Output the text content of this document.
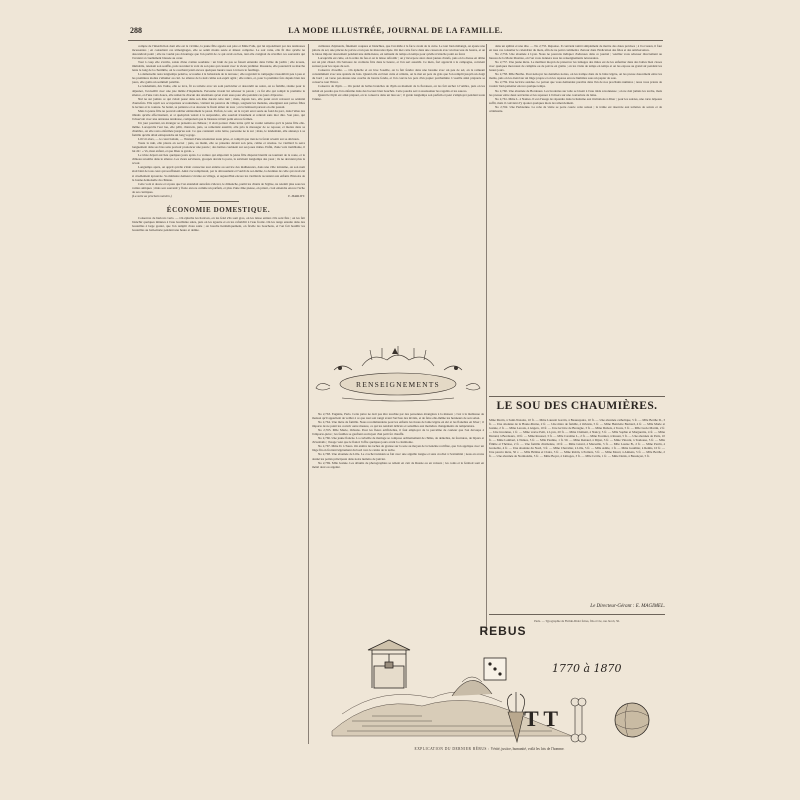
288	LA MODE ILLUSTRÉE, JOURNAL DE LA FAMILLE.

compte de l'interdiction dont elle est la victime, la jeune fille appela son père et Mme Falk, qui lui répondirent par des tendresses incessantes ; en consultant ces témoignages, elle se sentit moins seule et mieux comprise. Le soir venu, elle fit dire qu'elle ne descendrait point ; elle ne voulut pas davantage que l'on parlât de ce qui avait eu lieu, tant elle craignait de réveiller ces souvenirs qui l'avaient si cruellement blessée au cœur.

Tout à coup elle s'arrêta, saisie d'une crainte soudaine : un bruit de pas se faisait entendre dans l'allée du jardin ; elle écouta, immobile, retenant son souffle, puis reconnut la voix de son père qui causait avec le vieux jardinier. Rassurée, elle poursuivit sa marche lente le long de la charmille, où le couchant jetait encore quelques lueurs roses à travers le feuillage.

La demoiselle resta longtemps pensive, accoudée à la balustrade de la terrasse ; elle regardait la campagne s'assombrir peu à peu et les premières étoiles s'allumer au ciel. Le silence de la nuit calma son esprit agité ; elle rentra, et, pour la première fois depuis bien des jours, elle goûta un sommeil paisible.

Le lendemain, dès l'aube, elle se leva, fit sa toilette avec un soin particulier et descendit au salon, où sa famille, réunie pour le déjeuner, l'accueillit avec une joie mêlée d'inquiétude. Personne n'osait lui adresser la parole ; ce fut elle qui rompit la première le silence, et d'une voix douce, elle remercia chacun des attentions qu'on avait eues pour elle pendant ces jours d'épreuve.

Nul ne sut jamais ce qui s'était passé dans son âme durant cette nuit ; mais, depuis lors, elle parut avoir retrouvé sa sérénité d'autrefois. Elle reprit ses occupations accoutumées, visitant les pauvres du village, soignant les malades, enseignant aux petites filles la lecture et la couture. Sa bonté, sa patience et sa douceur la firent aimer de tous ; on la bénissait partout où elle passait.

Mais la jeune fille ne pouvait oublier entièrement le passé. Parfois, le soir, on la voyait errer seule au fond du parc, dans l'allée des tilleuls qu'elle affectionnait, et si quelqu'un venait à la surprendre, elle souriait tristement et rentrait sans mot dire. Son père, qui l'observait avec une anxieuse tendresse, comprenait que la blessure n'était point encore fermée.

Un jour pourtant, un étranger se présenta au château ; il était porteur d'une lettre qu'il ne voulut remettre qu'à la jeune fille elle-même. Lorsqu'elle l'eut lue, elle pâlit, chancela, puis, se remettant aussitôt, elle pria le messager de se reposer, et monta dans sa chambre, où elle resta enfermée jusqu'au soir. Ce que contenait cette lettre, personne ne le sut ; mais, le lendemain, elle annonça à sa famille qu'elle allait entreprendre un long voyage.

Lili vit alors, — le cœur battant, — l'instant d'une résolution toute prise, et comprit que rien ne la ferait revenir sur sa décision.

Toute la nuit, elle pleura en secret ; puis, au matin, elle se présenta devant son père, calme et résolue. Le vieillard la serra longuement dans ses bras sans pouvoir prononcer une parole ; des larmes coulaient sur ses joues ridées. Enfin, d'une voix tremblante, il lui dit : « Va, mon enfant, et que Dieu te garde. »

Le triste départ eut lieu quelques jours après. La voiture qui emportait la jeune fille disparut bientôt au tournant de la route, et le château retomba dans le silence. Les vieux serviteurs, groupés devant la porte, la suivirent longtemps des yeux ; ils ne devaient plus la revoir.

Longtemps après, on apprit qu'elle s'était consacrée tout entière au service des malheureux, dans une ville lointaine, où son nom était béni de tous ceux qui souffraient. Ainsi s'accomplissait, par le dévouement et l'oubli de soi-même, la destinée de celle qui avait été si cruellement éprouvée. Sa mémoire demeura vivante au village, et aujourd'hui encore les vieillards racontent aux enfants l'histoire de la bonne demoiselle du château.

Cette voix si douce et si pure que l'on entendait autrefois s'élever, le dimanche, parmi les chants de l'église, ne retentit plus sous les voûtes antiques ; mais son souvenir y flotte encore comme un parfum, et plus d'une âme pieuse, en priant, croit entendre encore l'écho de ses cantiques.

(La suite au prochain numéro.)	E. MARLITT.
ÉCONOMIE DOMESTIQUE.

Conserves de haricots verts. — On épluche les haricots, on les fend s'ils sont gros, on les laisse entiers s'ils sont fins ; on les fait blanchir quelques minutes à l'eau bouillante salée, puis on les égoutte et on les rafraîchit à l'eau froide. On les range ensuite dans des bouteilles à large goulot, que l'on remplit d'eau salée ; on bouche hermétiquement, on ficelle les bouchons, et l'on fait bouillir les bouteilles au bain-marie pendant une heure et demie.

cuillerées d'épinards, finement coupées et blanchies, que l'on mêle à la farce avant de la cuire. Le tout bien mélangé, on ajoute une pincée de sel, une pincée de poivre et un peu de muscade râpée. On met cette farce dans une casserole avec un morceau de beurre, et on la laisse mijoter doucement pendant une demi-heure, en remuant de temps en temps pour qu'elle n'attache point au fond.

Lorsqu'elle est cuite, on la retire du feu et on la laisse refroidir ; on y incorpore alors deux jaunes d'œufs, puis on la dresse en dôme sur un plat chaud. On l'entoure de croûtons frits dans le beurre, et l'on sert aussitôt. Ce mets, fort apprécié à la campagne, convient surtout pour les repas du soir.

Conserve d'oseille. — On épluche et on lave l'oseille, on la fait fondre dans une bassine avec un peu de sel, en la remuant constamment avec une spatule de bois. Quand elle est bien cuite et réduite, on la met en pots de grès que l'on remplit jusqu'à un doigt du bord ; on verse par-dessus une couche de beurre fondu, et l'on couvre les pots d'un papier parcheminé. L'oseille ainsi préparée se conserve tout l'hiver.

Conserve de thym. — On prend de belles branches de thym au moment de la floraison, on les fait sécher à l'ombre, puis on les réduit en poudre que l'on enferme dans des bocaux bien bouchés. Cette poudre sert à assaisonner les ragoûts et les sauces.

Quand le thym est ainsi préparé, on le conserve dans un lieu sec ; il garde longtemps son parfum et peut s'employer pendant toute l'année.

RENSEIGNEMENTS

No 2,763. Eugénie, Paris. Cette pièce ne doit pas être touchée par des personnes étrangères à la maison ; c'est à la maîtresse de maison qu'il appartient de veiller à ce que tout soit rangé avant l'arrivée des invités, et de faire elle-même les honneurs de son salon.

No 2,764. Une mère de famille. Nous recommandons pour les enfants les tissus de laine légère en été et les flanelles en hiver ; il importe de ne point les couvrir outre mesure, ce qui les rendrait délicats et sensibles aux moindres changements de température.

No 2,765. Mlle Marie, Orléans. Pour les fleurs artificielles, il faut employer de la percaline de couleur que l'on découpe à l'emporte-pièce ; les feuilles se gaufrent au moyen d'un petit fer chauffé.

No 2,766. Une jeune fiancée. La corbeille de mariage se compose ordinairement de châles, de dentelles, de fourrures, de bijoux et d'éventails ; l'usage veut que le fiancé l'offre quelques jours avant la cérémonie.

No 2,767. Mme D. à Tours. On enlève les taches de graisse sur la soie au moyen de la benzine rectifiée, que l'on applique avec un linge fin en frottant légèrement du bord vers le centre de la tache.

No 2,768. Une abonnée de Lille. Le crochet tunisien se fait avec une aiguille longue et sans crochet à l'extrémité ; nous en avons donné les points principaux dans notre numéro de janvier.

No 2,769. Mlle Jeanne. Les albums de photographies se relient en cuir de Russie ou en velours ; les coins et le fermoir sont en métal doré ou argenté.

dans un sphinx et une tête. — No 2,755. Réponse. Il convient tantôt simplement de mettre des dates précises ; à l'occasion, il faut en tous cas consulter le calendrier du mois, afin de ne point commettre d'erreur dans l'indication des fêtes et des anniversaires.

No 2,756. Une abonnée à Lyon. Nous ne pouvons indiquer d'adresses dans ce journal ; veuillez vous adresser directement au bureau de la Mode illustrée, où l'on vous donnera tous les renseignements nécessaires.

No 2,757. Une jeune mère. Le meilleur moyen de préserver les lainages des mites est de les enfermer dans des boîtes bien closes avec quelques morceaux de camphre ou de poivre en grains ; on les visite de temps en temps et on les expose au grand air pendant les beaux jours.

No 2,758. Mlle Berthe. Pour nettoyer les dentelles noires, on les trempe dans de la bière légère, on les presse doucement entre les mains, puis on les étend sur un linge propre et on les repasse encore humides sous un papier de soie.

No 2,759. Une lectrice assidue. Le patron que vous demandez paraîtra dans l'un de nos prochains numéros ; nous vous prions de vouloir bien patienter encore quelque temps.

No 2,760. Une abonnée de Bordeaux. Les broderies sur toile se lavent à l'eau tiède savonneuse ; on ne doit jamais les tordre, mais les presser entre deux serviettes et les repasser à l'envers sur une couverture de laine.

No 2,761. Mme L. à Nantes. Il est d'usage de répondre dans la huitaine aux invitations à dîner ; pour les soirées, une carte déposée suffit, mais il convient d'y ajouter quelques mots de remerciement.

No 2,762. Une Parisienne. La robe de visite se porte courte cette saison ; la traîne est réservée aux toilettes de soirée et de cérémonie.

LE SOU DES CHAUMIÈRES.
Mme Morin, à Saint-Nazaire, 10 fr. — Mme Laurent Garcin, à Beaurepaire, 10 fr. — Une abonnée catholique, 5 fr. — Mlle Berthe D., 3 fr. — Une abonnée de la Haute-Marne, 2 fr. — Une mère de famille, à Orléans, 5 fr. — Mme Henriette Bernard, 4 fr. — Mlle Marie et Jeanne, 2 fr. — Mme Leroux, à Angers, 10 fr. — Une lectrice de Bretagne, 3 fr. — Mme Dubois, à Tours, 5 fr. — Mlle Lucie Martin, 2 fr. — Une inconnue, 1 fr. — Mme veuve Petit, à Lyon, 20 fr. — Mme Clément, à Nancy, 5 fr. — Mlle Sophie et Marguerite, 4 fr. — Mme Durand, à Bordeaux, 10 fr. — Mme Roussel, 3 fr. — Mlle Caroline L., 2 fr. — Mme Fournier, à Rouen, 5 fr. — Une abonnée de Paris, 10 fr. — Mme Lambert, à Nantes, 5 fr. — Mlle Pauline, 1 fr. 50. — Mme Renaud, à Dijon, 3 fr. — Mme Vincent, à Toulouse, 5 fr. — Mlle Émilie et Thérèse, 2 fr. — Une famille chrétienne, 10 fr. — Mme Girard, à Marseille, 5 fr. — Mlle Louise B., 2 fr. — Mme Perrin, à Grenoble, 4 fr. — Une abonnée du Nord, 3 fr. — Mme Chevalier, à Lille, 5 fr. — Mlle Adèle, 1 fr. — Mme Gauthier, à Reims, 10 fr. — Une pauvre mère, 50 c. — Mlle Hélène et Claire, 3 fr. — Mme Robin, à Poitiers, 5 fr. — Mme Morel, à Amiens, 5 fr. — Mlle Berthe, 2 fr. — Une abonnée de Normandie, 5 fr. — Mme Boyer, à Limoges, 3 fr. — Mlle Cécile, 1 fr. — Mme Denis, à Besançon, 5 fr.
Le Directeur-Gérant : E. MAGIMEL.
Paris. — Typographie de Firmin-Didot frères, fils et Cie, rue Jacob, 56.
REBUS
1770 à 1870
T T
EXPLICATION DU DERNIER RÉBUS : Vérité, justice, humanité, voilà les lois de l'homme.
